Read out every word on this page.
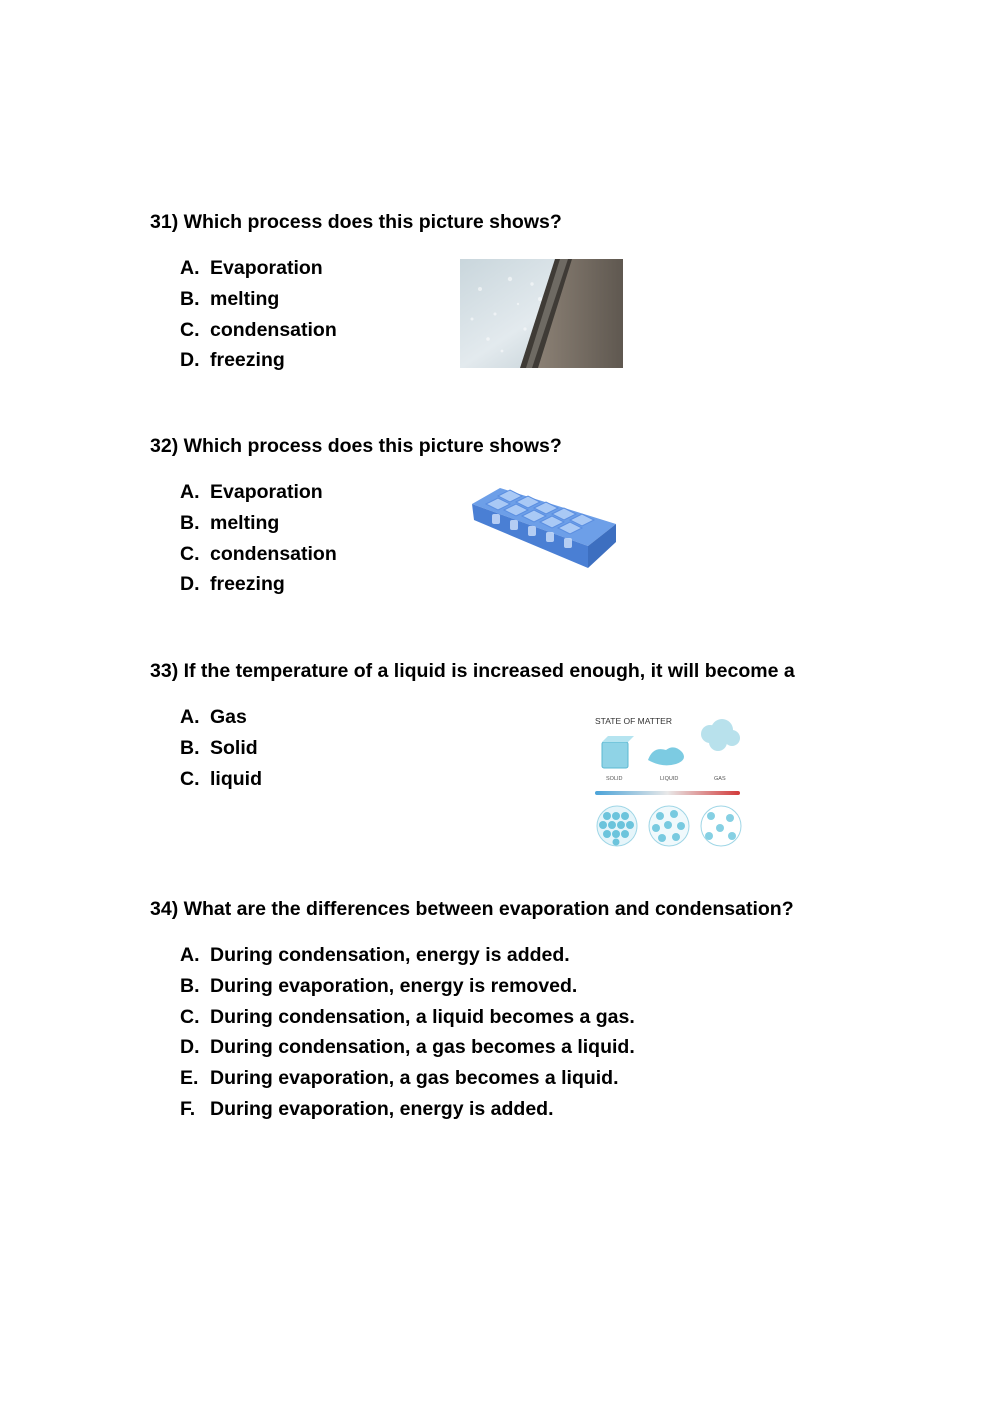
31) Which process does this picture shows?

A. Evaporation
B. melting
C. condensation
D. freezing

32) Which process does this picture shows?

A. Evaporation
B. melting
C. condensation
D. freezing

33) If the temperature of a liquid is increased enough, it will become a

A. Gas
B. Solid
C. liquid
STATE OF MATTER
SOLID	LIQUID	GAS

34) What are the differences between evaporation and condensation?

A. During condensation, energy is added.
B. During evaporation, energy is removed.
C. During condensation, a liquid becomes a gas.
D. During condensation, a gas becomes a liquid.
E. During evaporation, a gas becomes a liquid.
F. During evaporation, energy is added.
